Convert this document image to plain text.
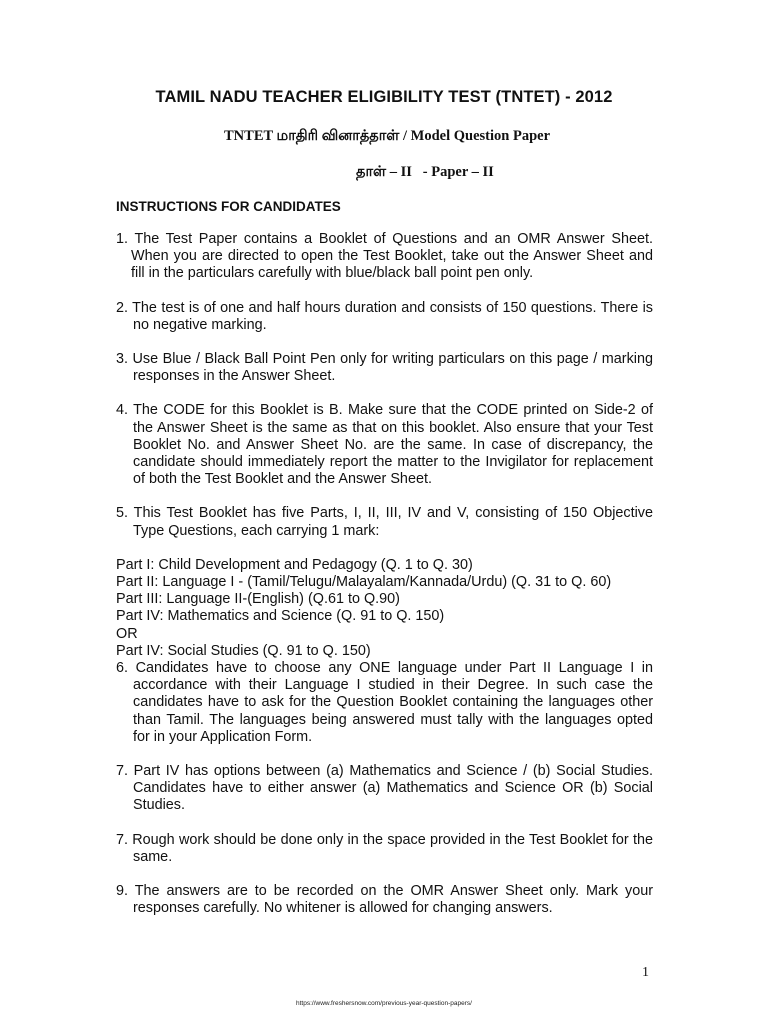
TAMIL NADU TEACHER ELIGIBILITY TEST (TNTET) - 2012
TNTET மாதிரி வினாத்தாள் / Model Question Paper
தாள் – II   - Paper – II
INSTRUCTIONS FOR CANDIDATES

1. The Test Paper contains a Booklet of Questions and an OMR Answer Sheet. When you are directed to open the Test Booklet, take out the Answer Sheet and fill in the particulars carefully with blue/black ball point pen only.

2. The test is of one and half hours duration and consists of 150 questions. There is no negative marking.

3. Use Blue / Black Ball Point Pen only for writing particulars on this page / marking responses in the Answer Sheet.

4. The CODE for this Booklet is B. Make sure that the CODE printed on Side-2 of the Answer Sheet is the same as that on this booklet. Also ensure that your Test Booklet No. and Answer Sheet No. are the same. In case of discrepancy, the candidate should immediately report the matter to the Invigilator for replacement of both the Test Booklet and the Answer Sheet.

5. This Test Booklet has five Parts, I, II, III, IV and V, consisting of 150 Objective Type Questions, each carrying 1 mark:

Part I: Child Development and Pedagogy (Q. 1 to Q. 30)

Part II: Language I - (Tamil/Telugu/Malayalam/Kannada/Urdu) (Q. 31 to Q. 60)

Part III: Language II-(English) (Q.61 to Q.90)

Part IV: Mathematics and Science (Q. 91 to Q. 150)

OR

Part IV: Social Studies (Q. 91 to Q. 150)

6. Candidates have to choose any ONE language under Part II Language I in accordance with their Language I studied in their Degree. In such case the candidates have to ask for the Question Booklet containing the languages other than Tamil. The languages being answered must tally with the languages opted for in your Application Form.

7. Part IV has options between (a) Mathematics and Science / (b) Social Studies. Candidates have to either answer (a) Mathematics and Science OR (b) Social Studies.

7. Rough work should be done only in the space provided in the Test Booklet for the same.

9. The answers are to be recorded on the OMR Answer Sheet only. Mark your responses carefully. No whitener is allowed for changing answers.

1
https://www.freshersnow.com/previous-year-question-papers/
